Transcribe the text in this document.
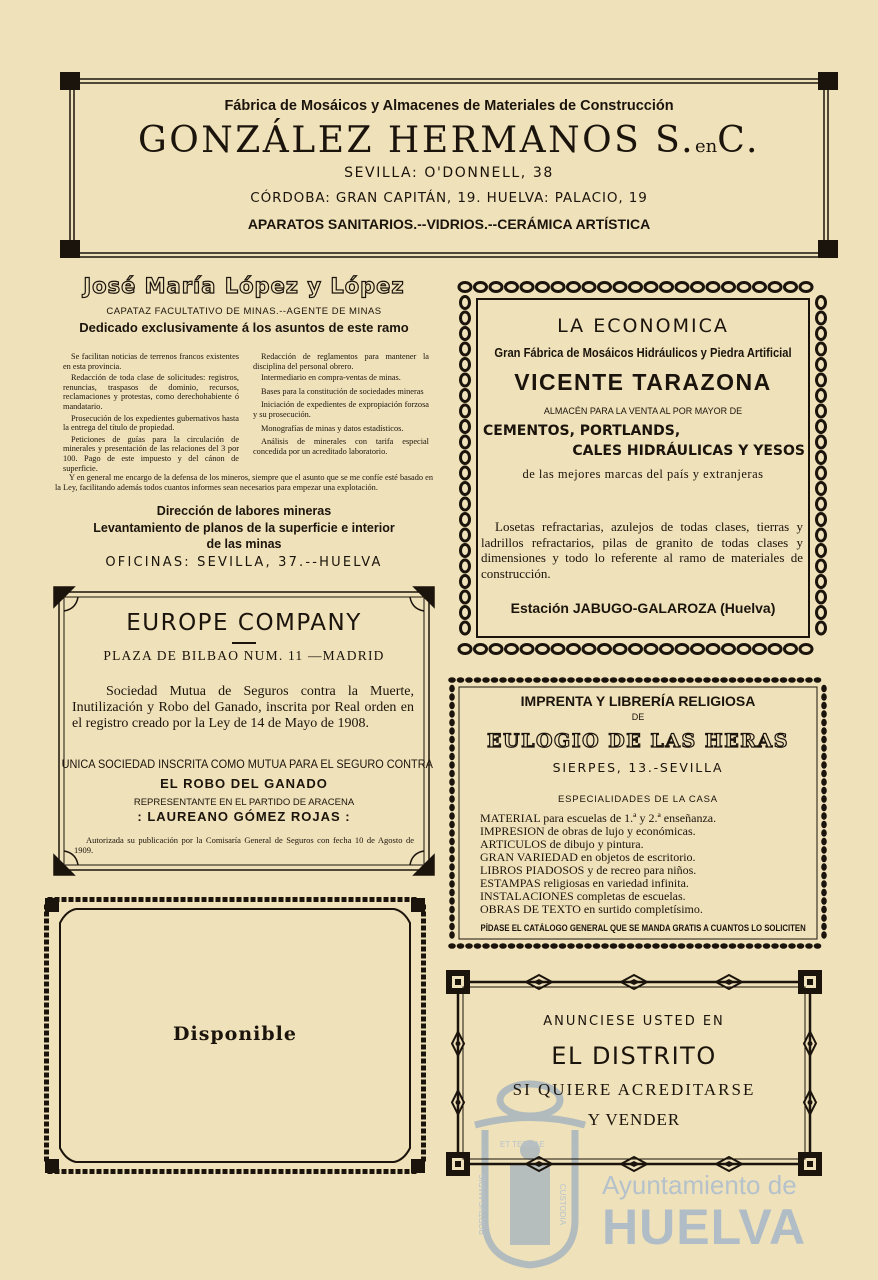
Fábrica de Mosáicos y Almacenes de Materiales de Construcción
GONZÁLEZ HERMANOS S.enC.
SEVILLA: O'DONNELL, 38
CÓRDOBA: GRAN CAPITÁN, 19. HUELVA: PALACIO, 19
APARATOS SANITARIOS.--VIDRIOS.--CERÁMICA ARTÍSTICA
José María López y López
CAPATAZ FACULTATIVO DE MINAS.--AGENTE DE MINAS
Dedicado exclusivamente á los asuntos de este ramo

Se facilitan noticias de terrenos francos existentes en esta provincia.

Redacción de toda clase de solicitudes: registros, renuncias, traspasos de dominio, recursos, reclamaciones y protestas, como derechohabiente ó mandatario.

Prosecución de los expedientes gubernativos hasta la entrega del título de propiedad.

Peticiones de guías para la circulación de minerales y presentación de las relaciones del 3 por 100. Pago de este impuesto y del cánon de superficie.

Redacción de reglamentos para mantener la disciplina del personal obrero.

Intermediario en compra-ventas de minas.

Bases para la constitución de sociedades mineras

Iniciación de expedientes de expropiación forzosa y su prosecución.

Monografías de minas y datos estadísticos.

Análisis de minerales con tarifa especial concedida por un acreditado laboratorio.

Y en general me encargo de la defensa de los mineros, siempre que el asunto que se me confíe esté basado en la Ley, facilitando además todos cuantos informes sean necesarios para empezar una explotación.
Dirección de labores mineras
Levantamiento de planos de la superficie e interior
de las minas
OFICINAS: SEVILLA, 37.--HUELVA
LA ECONOMICA
Gran Fábrica de Mosáicos Hidráulicos y Piedra Artificial
VICENTE TARAZONA
ALMACÉN PARA LA VENTA AL POR MAYOR DE
CEMENTOS, PORTLANDS,
CALES HIDRÁULICAS Y YESOS
de las mejores marcas del país y extranjeras
Losetas refractarias, azulejos de todas clases, tierras y ladrillos refractarios, pilas de granito de todas clases y dimensiones y todo lo referente al ramo de materiales de construcción.
Estación JABUGO-GALAROZA (Huelva)
EUROPE COMPANY
PLAZA DE BILBAO NUM. 11 —MADRID
Sociedad Mutua de Seguros contra la Muerte, Inutilización y Robo del Ganado, inscrita por Real orden en el registro creado por la Ley de 14 de Mayo de 1908.
UNICA SOCIEDAD INSCRITA COMO MUTUA PARA EL SEGURO CONTRA
EL ROBO DEL GANADO
REPRESENTANTE EN EL PARTIDO DE ARACENA
: LAUREANO GÓMEZ ROJAS :
Autorizada su publicación por la Comisaría General de Seguros con fecha 10 de Agosto de 1909.
IMPRENTA Y LIBRERÍA RELIGIOSA
DE
EULOGIO DE LAS HERAS
SIERPES, 13.-SEVILLA
ESPECIALIDADES DE LA CASA
MATERIAL para escuelas de 1.ª y 2.ª enseñanza.
IMPRESION de obras de lujo y económicas.
ARTICULOS de dibujo y pintura.
GRAN VARIEDAD en objetos de escritorio.
LIBROS PIADOSOS y de recreo para niños.
ESTAMPAS religiosas en variedad infinita.
INSTALACIONES completas de escuelas.
OBRAS DE TEXTO en surtido completísimo.
PÍDASE EL CATÁLOGO GENERAL QUE SE MANDA GRATIS A CUANTOS LO SOLICITEN
Disponible
ET TERRAE
PORTUS MARIS	CUSTODIA Ayuntamiento de
HUELVA
ANUNCIESE USTED EN
EL DISTRITO
SI QUIERE ACREDITARSE
Y VENDER
